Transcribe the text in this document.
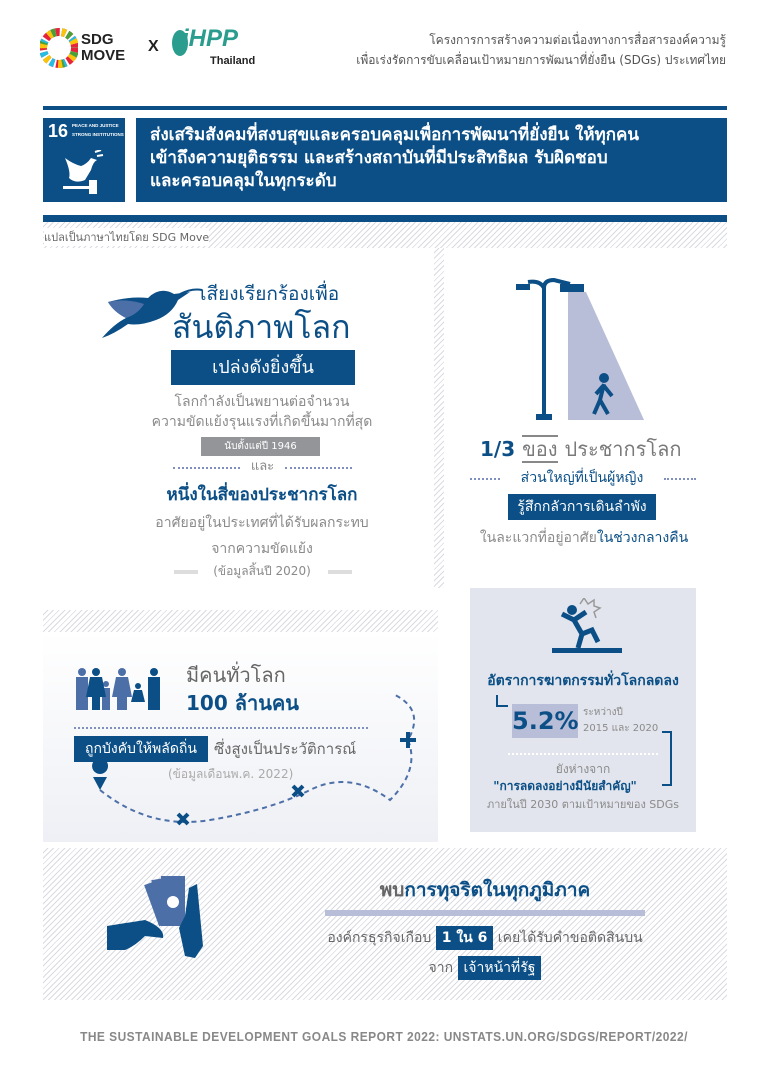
SDG MOVE
X iHPP
Thailand
โครงการการสร้างความต่อเนื่องทางการสื่อสารองค์ความรู้
เพื่อเร่งรัดการขับเคลื่อนเป้าหมายการพัฒนาที่ยั่งยืน (SDGs) ประเทศไทย
16 PEACE AND JUSTICE
STRONG INSTITUTIONS ส่งเสริมสังคมที่สงบสุขและครอบคลุมเพื่อการพัฒนาที่ยั่งยืน ให้ทุกคน
เข้าถึงความยุติธรรม และสร้างสถาบันที่มีประสิทธิผล รับผิดชอบ
และครอบคลุมในทุกระดับ
แปลเป็นภาษาไทยโดย SDG Move
เสียงเรียกร้องเพื่อ
สันติภาพโลก
เปล่งดังยิ่งขึ้น
โลกกำลังเป็นพยานต่อจำนวน
ความขัดแย้งรุนแรงที่เกิดขึ้นมากที่สุด
นับตั้งแต่ปี 1946
และ
หนึ่งในสี่ของประชากรโลก
อาศัยอยู่ในประเทศที่ได้รับผลกระทบ
จากความขัดแย้ง
(ข้อมูลสิ้นปี 2020)
1/3 ของ ประชากรโลก
ส่วนใหญ่ที่เป็นผู้หญิง
รู้สึกกลัวการเดินลำพัง
ในละแวกที่อยู่อาศัยในช่วงกลางคืน
มีคนทั่วโลก
100 ล้านคน
ถูกบังคับให้พลัดถิ่น	ซึ่งสูงเป็นประวัติการณ์
(ข้อมูลเดือนพ.ค. 2022)
อัตราการฆาตกรรมทั่วโลกลดลง
5.2% ระหว่างปี
2015 และ 2020
ยังห่างจาก
"การลดลงอย่างมีนัยสำคัญ"
ภายในปี 2030 ตามเป้าหมายของ SDGs
พบการทุจริตในทุกภูมิภาค
องค์กรธุรกิจเกือบ 1 ใน 6 เคยได้รับคำขอติดสินบน
จาก เจ้าหน้าที่รัฐ
THE SUSTAINABLE DEVELOPMENT GOALS REPORT 2022: UNSTATS.UN.ORG/SDGS/REPORT/2022/
